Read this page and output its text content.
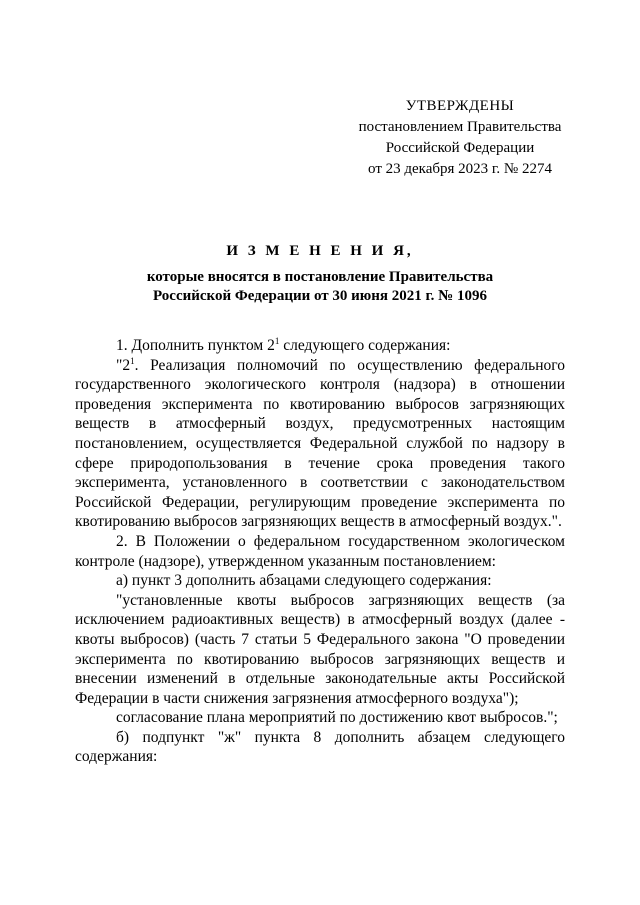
УТВЕРЖДЕНЫ
постановлением Правительства
Российской Федерации
от 23 декабря 2023 г. № 2274
И З М Е Н Е Н И Я,
которые вносятся в постановление Правительства
Российской Федерации от 30 июня 2021 г. № 1096

1. Дополнить пунктом $2^1$ следующего содержания:

"$2^1$. Реализация полномочий по осуществлению федерального государственного экологического контроля (надзора) в отношении проведения эксперимента по квотированию выбросов загрязняющих веществ в атмосферный воздух, предусмотренных настоящим постановлением, осуществляется Федеральной службой по надзору в сфере природопользования в течение срока проведения такого эксперимента, установленного в соответствии с законодательством Российской Федерации, регулирующим проведение эксперимента по квотированию выбросов загрязняющих веществ в атмосферный воздух.".

2. В Положении о федеральном государственном экологическом контроле (надзоре), утвержденном указанным постановлением:

а) пункт 3 дополнить абзацами следующего содержания:

"установленные квоты выбросов загрязняющих веществ (за исключением радиоактивных веществ) в атмосферный воздух (далее - квоты выбросов) (часть 7 статьи 5 Федерального закона "О проведении эксперимента по квотированию выбросов загрязняющих веществ и внесении изменений в отдельные законодательные акты Российской Федерации в части снижения загрязнения атмосферного воздуха");

согласование плана мероприятий по достижению квот выбросов.";

б) подпункт "ж" пункта 8 дополнить абзацем следующего содержания:
